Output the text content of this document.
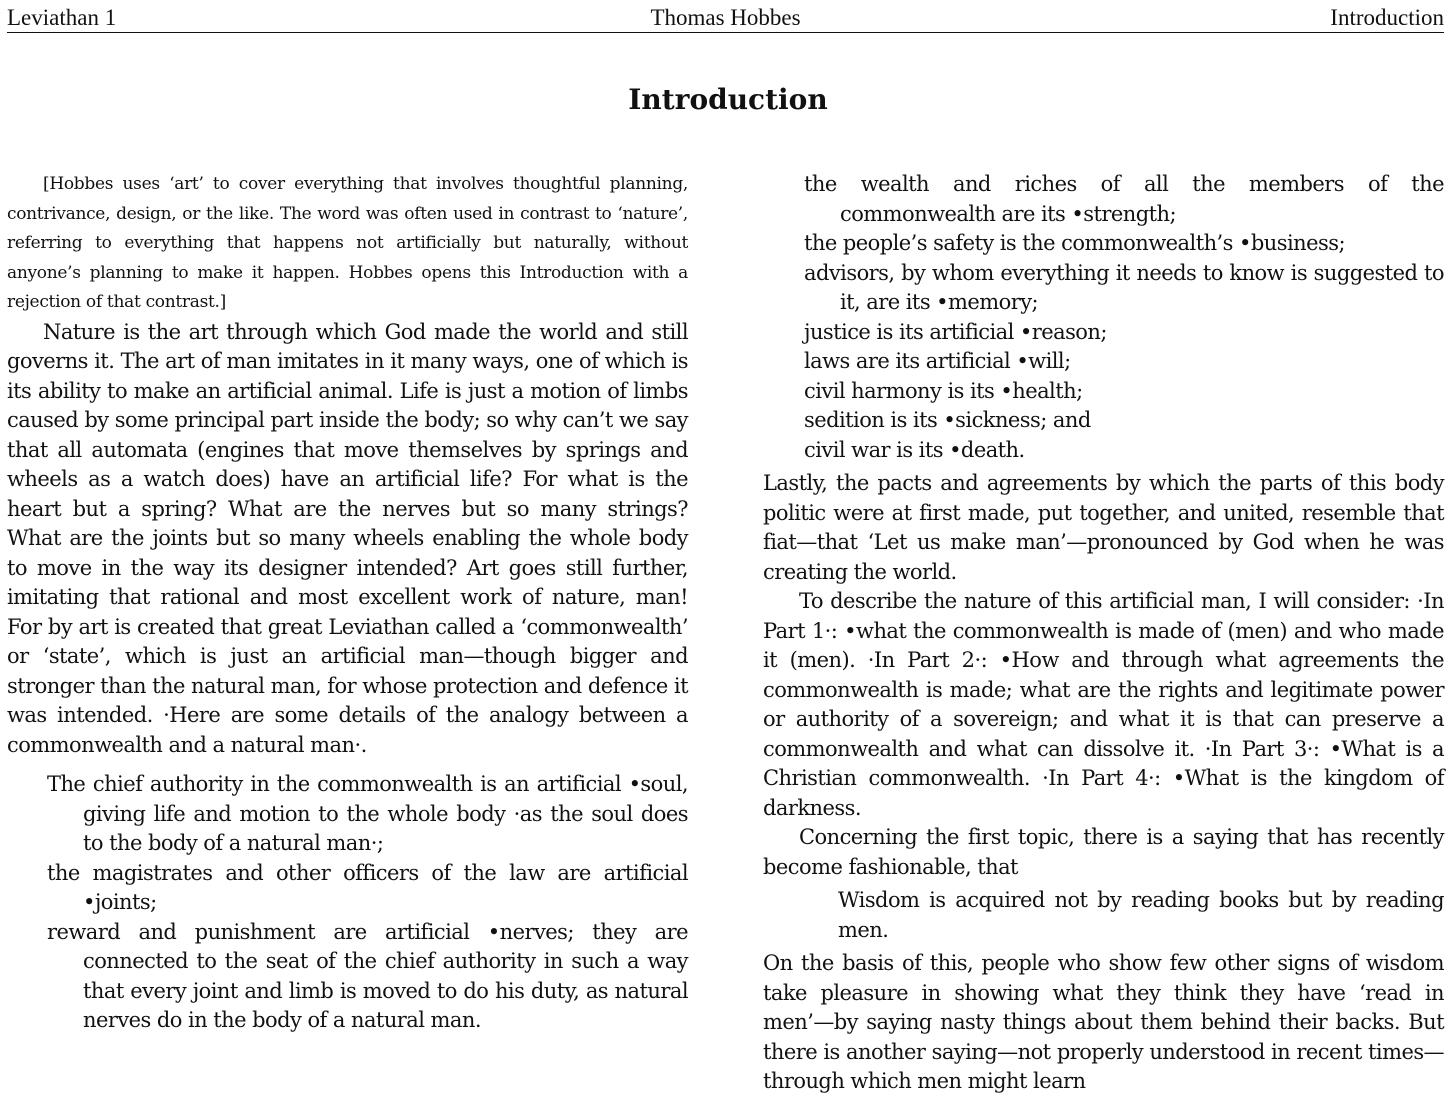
Leviathan 1	Thomas Hobbes	Introduction
Introduction

[Hobbes uses ‘art’ to cover everything that involves thoughtful planning, contrivance, design, or the like. The word was often used in contrast to ‘nature’, referring to everything that happens not artificially but naturally, without anyone’s planning to make it happen. Hobbes opens this Introduction with a rejection of that contrast.]

Nature is the art through which God made the world and still governs it. The art of man imitates in it many ways, one of which is its ability to make an artificial animal. Life is just a motion of limbs caused by some principal part inside the body; so why can’t we say that all automata (engines that move themselves by springs and wheels as a watch does) have an artificial life? For what is the heart but a spring? What are the nerves but so many strings? What are the joints but so many wheels enabling the whole body to move in the way its designer intended? Art goes still further, imitating that rational and most excellent work of nature, man! For by art is created that great Leviathan called a ‘commonwealth’ or ‘state’, which is just an artificial man—though bigger and stronger than the natural man, for whose protection and defence it was intended. ·Here are some details of the analogy between a commonwealth and a natural man·.

The chief authority in the commonwealth is an artificial •soul, giving life and motion to the whole body ·as the soul does to the body of a natural man·;
the magistrates and other officers of the law are artificial •joints;
reward and punishment are artificial •nerves; they are connected to the seat of the chief authority in such a way that every joint and limb is moved to do his duty, as natural nerves do in the body of a natural man.
the wealth and riches of all the members of the commonwealth are its •strength;
the people’s safety is the commonwealth’s •business;
advisors, by whom everything it needs to know is suggested to it, are its •memory;
justice is its artificial •reason;
laws are its artificial •will;
civil harmony is its •health;
sedition is its •sickness; and
civil war is its •death.

Lastly, the pacts and agreements by which the parts of this body politic were at first made, put together, and united, resemble that fiat—that ‘Let us make man’—pronounced by God when he was creating the world.

To describe the nature of this artificial man, I will consider: ·In Part 1·: •what the commonwealth is made of (men) and who made it (men). ·In Part 2·: •How and through what agreements the commonwealth is made; what are the rights and legitimate power or authority of a sovereign; and what it is that can preserve a commonwealth and what can dissolve it. ·In Part 3·: •What is a Christian commonwealth. ·In Part 4·: •What is the kingdom of darkness.

Concerning the first topic, there is a saying that has recently become fashionable, that

Wisdom is acquired not by reading books but by reading men.

On the basis of this, people who show few other signs of wisdom take pleasure in showing what they think they have ‘read in men’—by saying nasty things about them behind their backs. But there is another saying—not properly understood in recent times—through which men might learn
